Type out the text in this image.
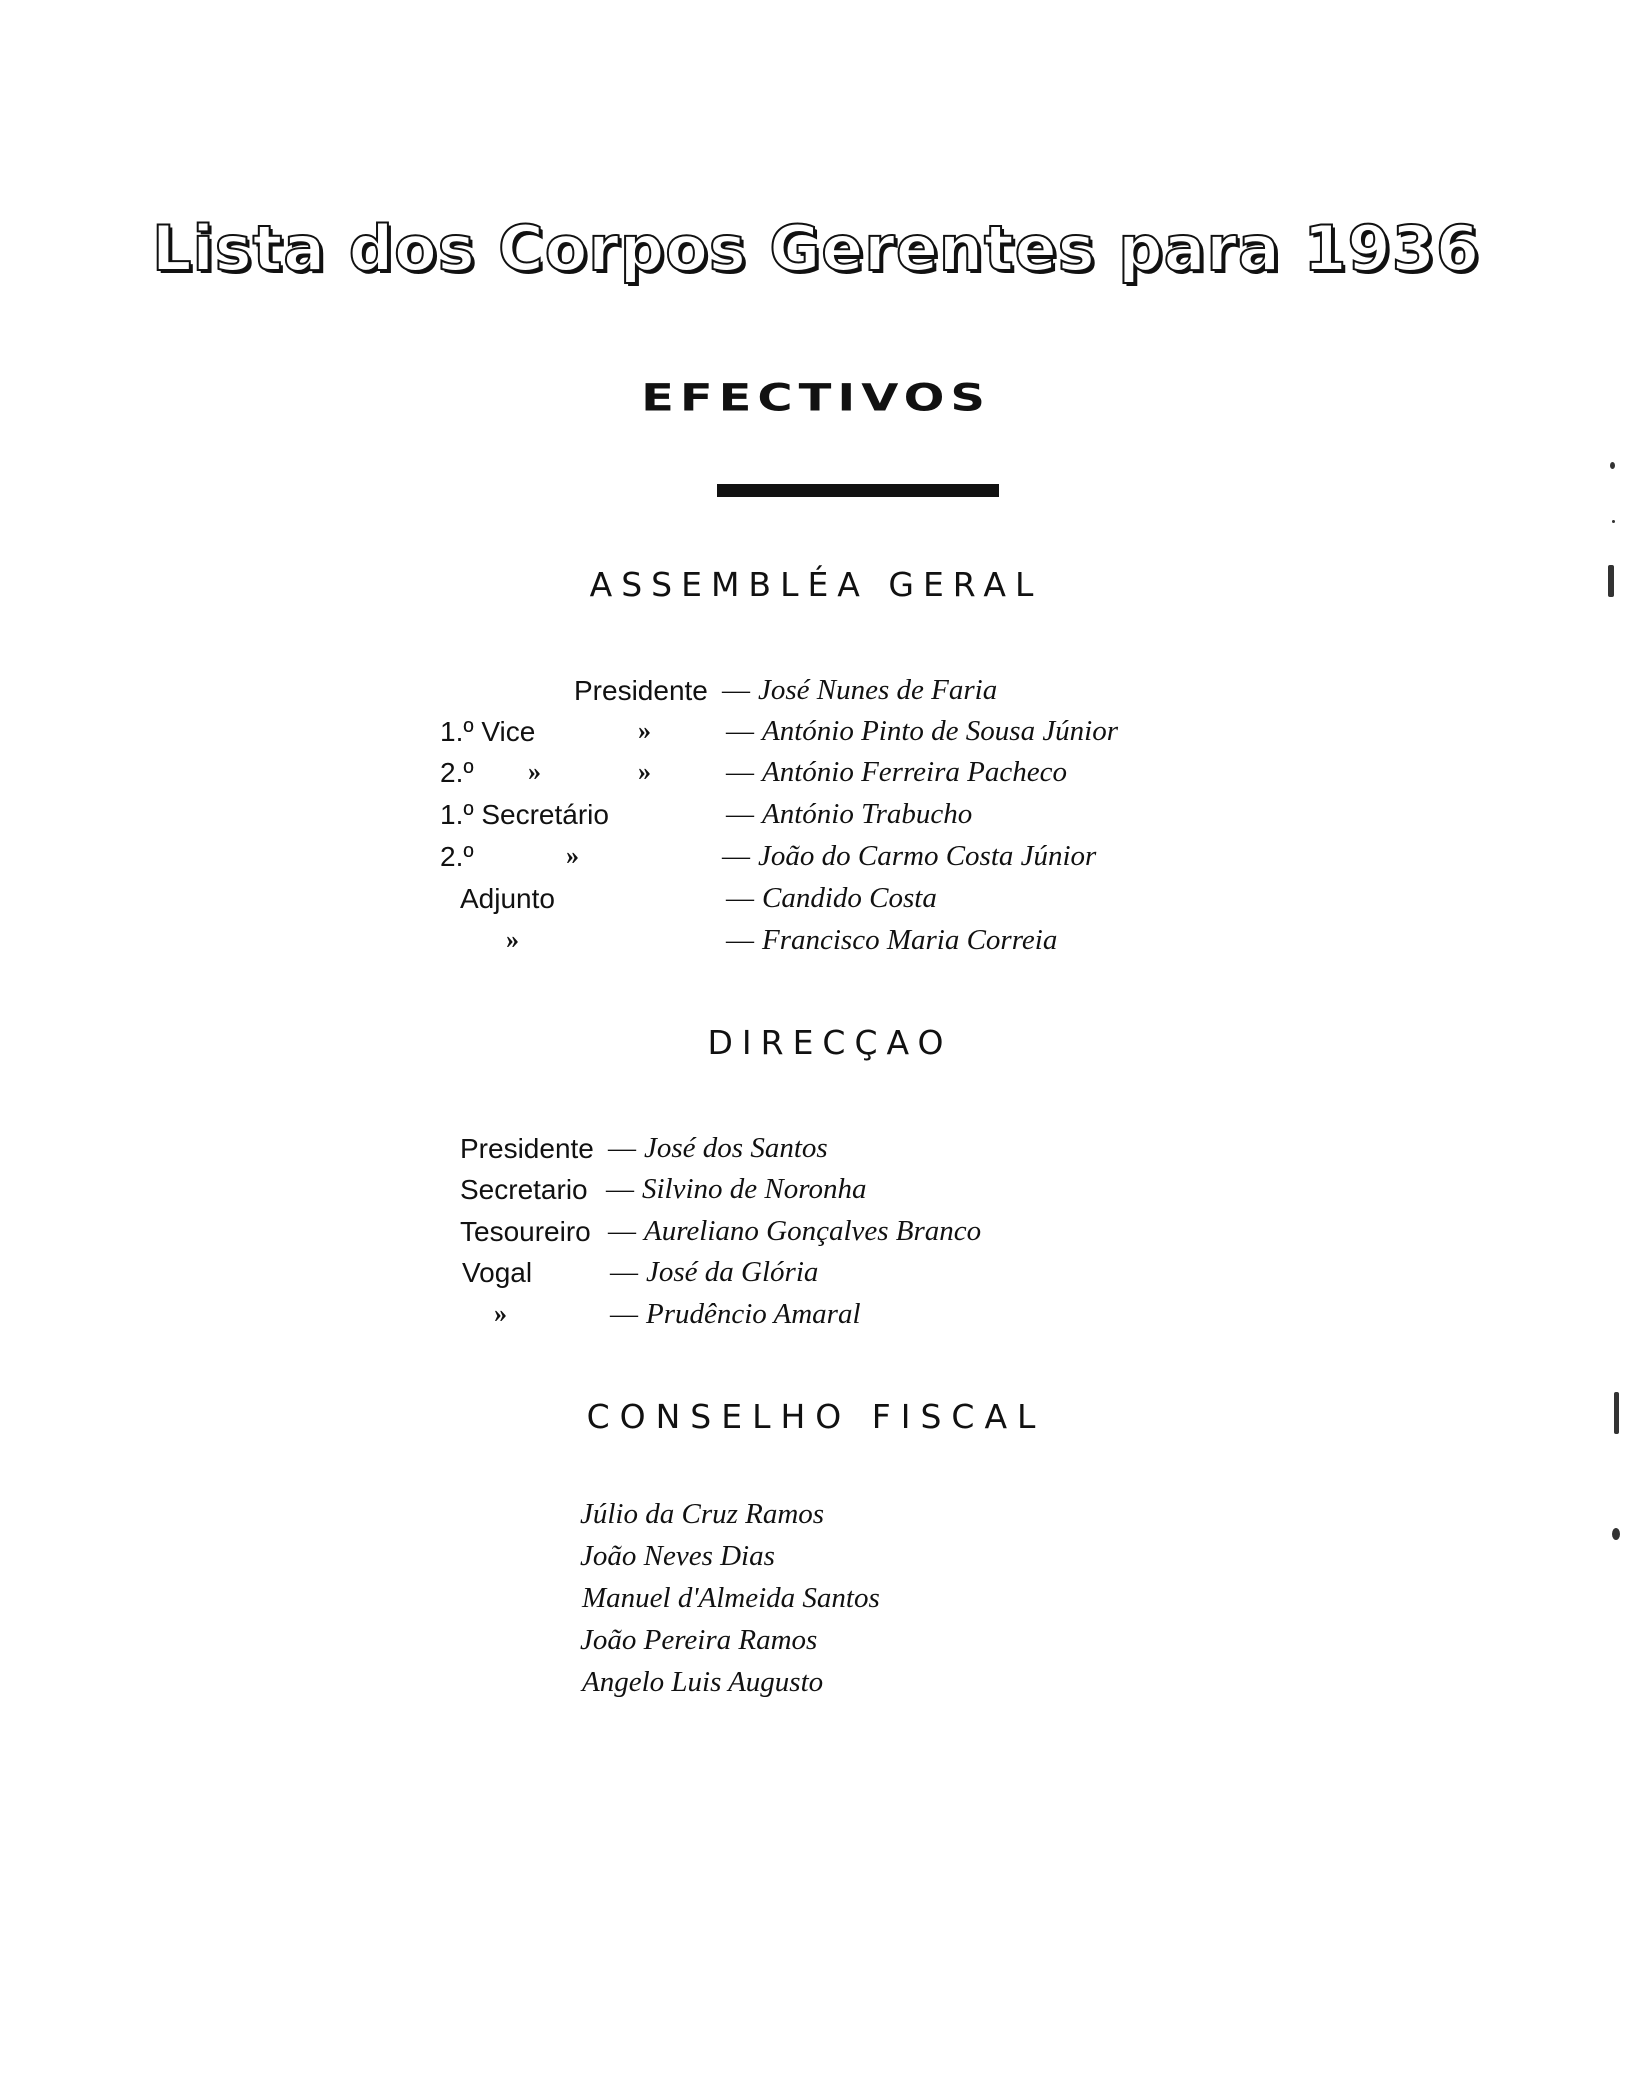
Lista dos Corpos Gerentes para 1936
EFECTIVOS
ASSEMBLÉA GERAL
Presidente — José Nunes de Faria
1.º Vice	»	— António Pinto de Sousa Júnior
2.º »	»	— António Ferreira Pacheco
1.º Secretário	— António Trabucho
2.º	»	— João do Carmo Costa Júnior
Adjunto	— Candido Costa
»	— Francisco Maria Correia
DIRECÇAO
Presidente — José dos Santos
Secretario — Silvino de Noronha
Tesoureiro — Aureliano Gonçalves Branco
Vogal	— José da Glória
»	— Prudêncio Amaral
CONSELHO FISCAL
Júlio da Cruz Ramos
João Neves Dias
Manuel d'Almeida Santos
João Pereira Ramos
Angelo Luis Augusto
